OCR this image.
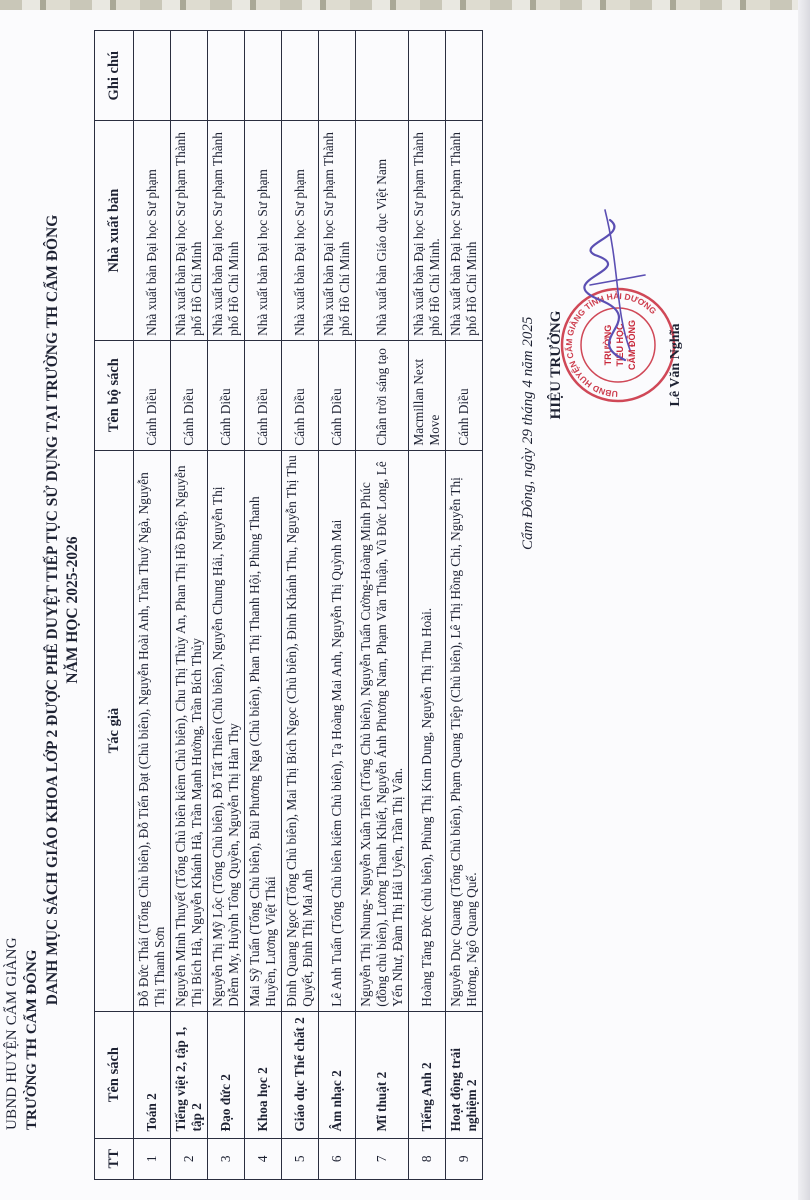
UBND HUYỆN CẨM GIÀNG TRƯỜNG TH CẨM ĐÔNG
DANH MỤC SÁCH GIÁO KHOA LỚP 2 ĐƯỢC PHÊ DUYỆT TIẾP TỤC SỬ DỤNG TẠI TRƯỜNG TH CẨM ĐÔNG NĂM HỌC 2025-2026
TT	Tên sách	Tác giả	Tên bộ sách	Nhà xuất bản	Ghi chú
1	Toán 2	Đỗ Đức Thái (Tổng Chủ biên), Đỗ Tiến Đạt (Chủ biên), Nguyễn Hoài Anh, Trần Thuý Ngà, Nguyễn Thị Thanh Sơn	Cánh Diều	Nhà xuất bản Đại học Sư phạm	
2	Tiếng việt 2, tập 1, tập 2	Nguyễn Minh Thuyết (Tổng Chủ biên kiêm Chủ biên), Chu Thị Thủy An, Phan Thị Hồ Điệp, Nguyễn Thị Bích Hà, Nguyễn Khánh Hà, Trần Mạnh Hưởng, Trần Bích Thủy	Cánh Diều	Nhà xuất bản Đại học Sư phạm Thành phố Hồ Chí Minh	
3	Đạo đức 2	Nguyễn Thị Mỹ Lộc (Tổng Chủ biên), Đỗ Tất Thiên (Chủ biên), Nguyễn Chung Hải, Nguyễn Thị Diễm My, Huỳnh Tông Quyền, Nguyễn Thị Hàn Thy	Cánh Diều	Nhà xuất bản Đại học Sư phạm Thành phố Hồ Chí Minh	
4	Khoa học 2	Mai Sỹ Tuấn (Tổng Chủ biên), Bùi Phương Nga (Chủ biên), Phan Thị Thanh Hội, Phùng Thanh Huyền, Lương Việt Thái	Cánh Diều	Nhà xuất bản Đại học Sư phạm	
5	Giáo dục Thể chất 2	Đinh Quang Ngọc (Tổng Chủ biên), Mai Thị Bích Ngọc (Chủ biên), Đinh Khánh Thu, Nguyễn Thị Thu Quyết, Đinh Thị Mai Anh	Cánh Diều	Nhà xuất bản Đại học Sư phạm	
6	Âm nhạc 2	Lê Anh Tuấn (Tổng Chủ biên kiêm Chủ biên), Tạ Hoàng Mai Anh, Nguyễn Thị Quỳnh Mai	Cánh Diều	Nhà xuất bản Đại học Sư phạm Thành phố Hồ Chí Minh	
7	Mĩ thuật 2	Nguyễn Thị Nhung- Nguyễn Xuân Tiên (Tổng Chủ biên), Nguyễn Tuấn Cường-Hoàng Minh Phúc (đồng chủ biên), Lương Thanh Khiết, Nguyễn Ánh Phương Nam, Phạm Văn Thuận, Vũ Đức Long, Lê Yến Như, Đàm Thị Hải Uyên, Trần Thị Vân.	Chân trời sáng tạo	Nhà xuất bản Giáo dục Việt Nam	
8	Tiếng Anh 2	Hoàng Tăng Đức (chủ biên), Phùng Thị Kim Dung, Nguyễn Thị Thu Hoài.	Macmillan Next Move	Nhà xuất bản Đại học Sư phạm Thành phố Hồ Chí Minh.	
9	Hoạt động trải nghiệm 2	Nguyễn Dục Quang (Tổng Chủ biên), Phạm Quang Tiệp (Chủ biên), Lê Thị Hồng Chi, Nguyễn Thị Hương, Ngô Quang Quế.	Cánh Diều	Nhà xuất bản Đại học Sư phạm Thành phố Hồ Chí Minh	
Cẩm Đông, ngày 29 tháng 4 năm 2025 HIỆU TRƯỞNG	UBND HUYỆN CẨM GIÀNG TỈNH HẢI DƯƠNG
TRƯỜNG TIỂU HỌC CẨM ĐÔNG Lê Văn Nghĩa
